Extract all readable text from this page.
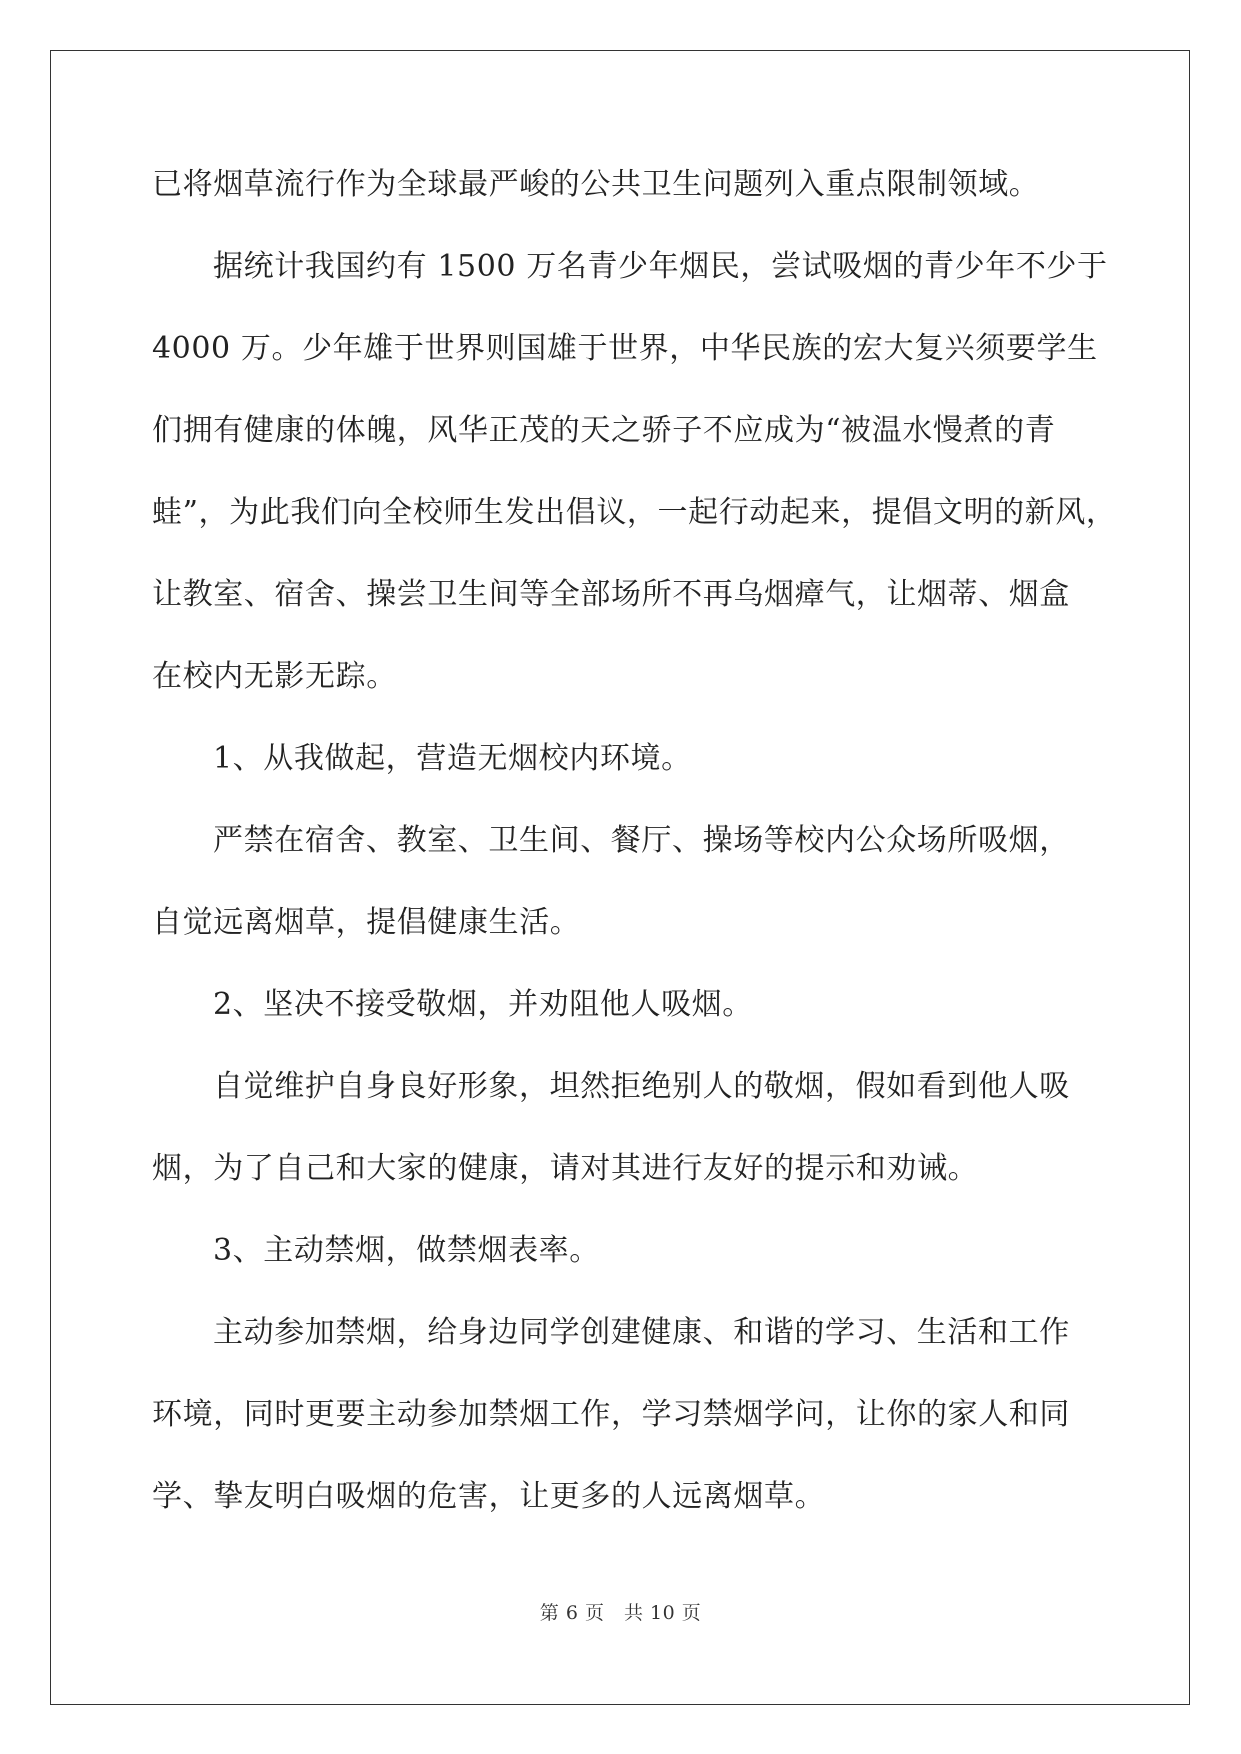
已将烟草流行作为全球最严峻的公共卫生问题列入重点限制领域。
据统计我国约有 1500 万名青少年烟民，尝试吸烟的青少年不少于
4000 万。少年雄于世界则国雄于世界，中华民族的宏大复兴须要学生
们拥有健康的体魄，风华正茂的天之骄子不应成为“被温水慢煮的青
蛙”，为此我们向全校师生发出倡议，一起行动起来，提倡文明的新风，
让教室、宿舍、操尝卫生间等全部场所不再乌烟瘴气，让烟蒂、烟盒
在校内无影无踪。
1、从我做起，营造无烟校内环境。
严禁在宿舍、教室、卫生间、餐厅、操场等校内公众场所吸烟，
自觉远离烟草，提倡健康生活。
2、坚决不接受敬烟，并劝阻他人吸烟。
自觉维护自身良好形象，坦然拒绝别人的敬烟，假如看到他人吸
烟，为了自己和大家的健康，请对其进行友好的提示和劝诫。
3、主动禁烟，做禁烟表率。
主动参加禁烟，给身边同学创建健康、和谐的学习、生活和工作
环境，同时更要主动参加禁烟工作，学习禁烟学问，让你的家人和同
学、挚友明白吸烟的危害，让更多的人远离烟草。
第 6 页　共 10 页
